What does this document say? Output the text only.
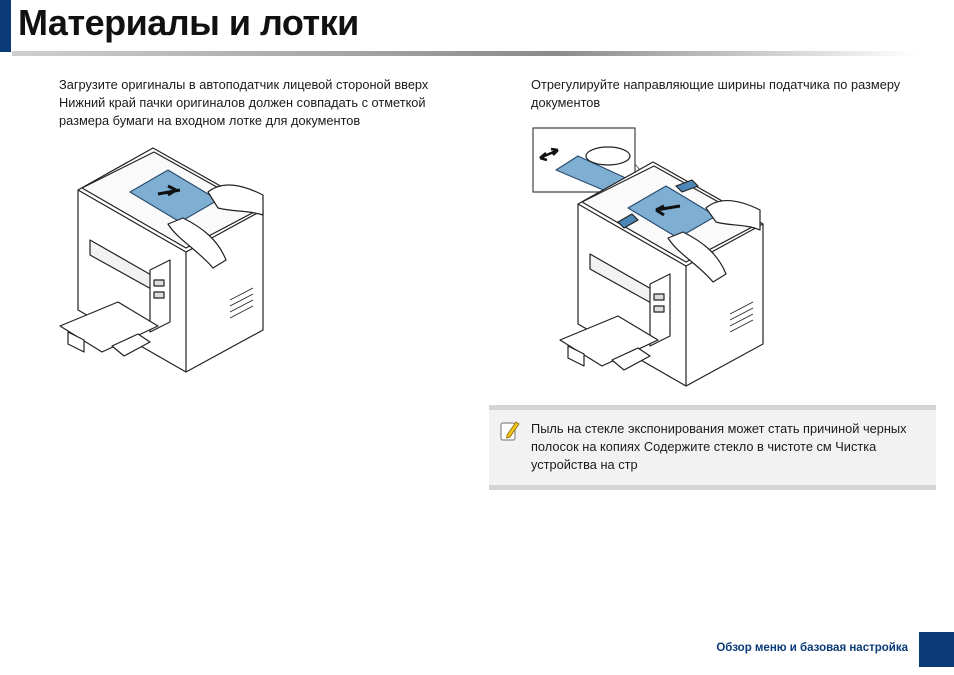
Материалы и лотки
Загрузите оригиналы в автоподатчик лицевой стороной вверх
Нижний край пачки оригиналов должен совпадать с отметкой
размера бумаги на входном лотке для документов
Отрегулируйте направляющие ширины податчика по размеру
документов
Пыль на стекле экспонирования может стать причиной черных
полосок на копиях Содержите стекло в чистоте см Чистка
устройства на стр
Обзор меню и базовая настройка
